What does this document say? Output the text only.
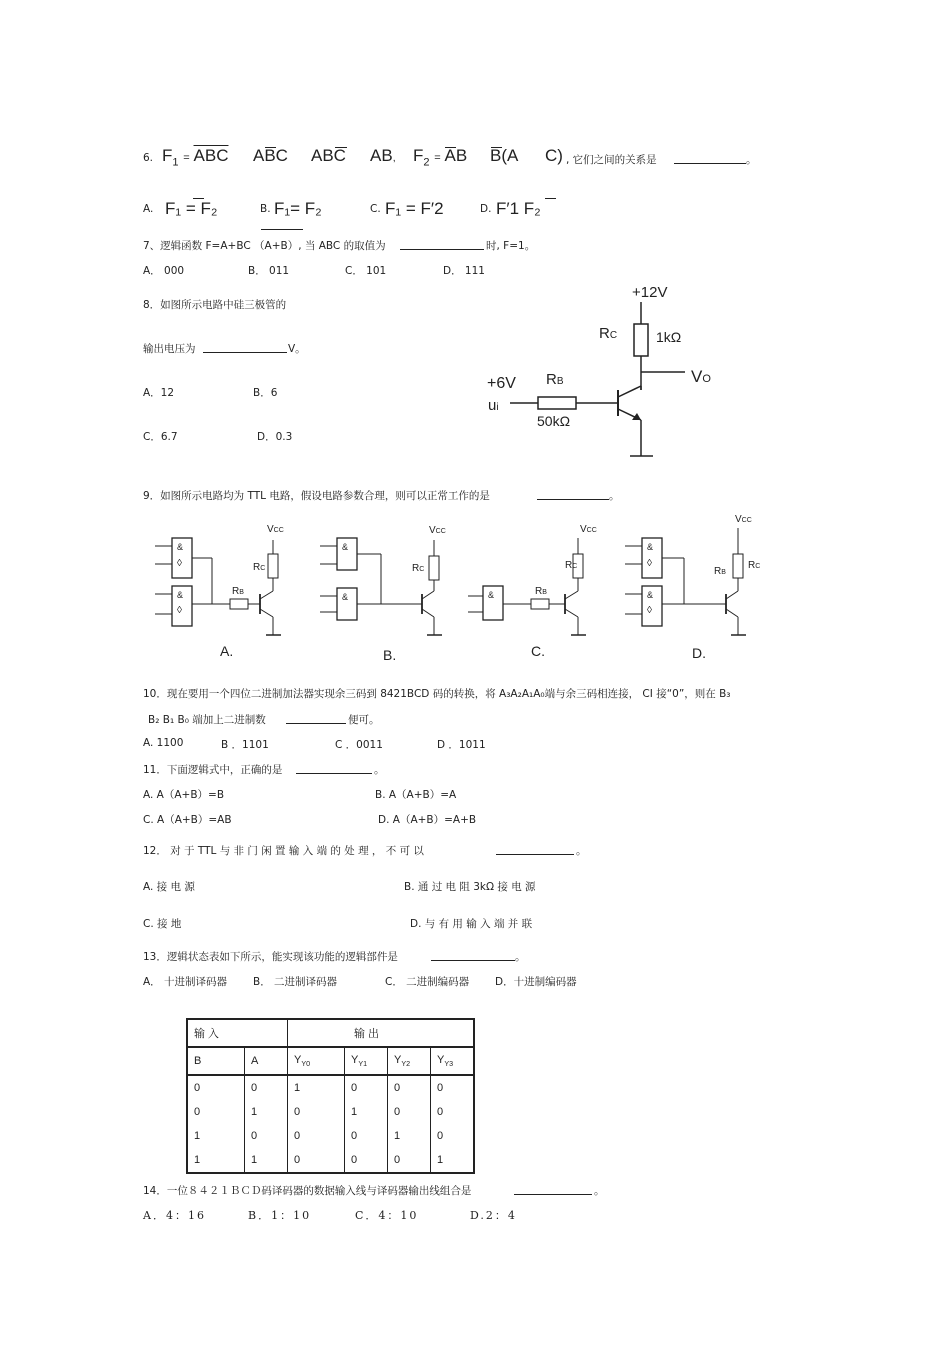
6. $F_1 = \overline{ABC}$ ABC ABC AB, $F_2$ = AB B(A C) , 它们之间的关系是	。
A. F₁ = F₂	B. F₁= F₂	C. F₁ = F′2	D. F′1 F₂
7、逻辑函数 F=A+BC （A+B）, 当 ABC 的取值为	时, F=1。
A． 000	B． 011	C． 101	D． 111
8．如图所示电路中硅三极管的
输出电压为	V。
A．12	B．6
C．6.7	D．0.3
+12V
RC	1kΩ
VO
+6V
ui
RB
50kΩ
9．如图所示电路均为 TTL 电路，假设电路参数合理，则可以正常工作的是	。
&
◊
&
◊
RB
VCC
RC
A.
&
&
VCC
RC
B.
&	RB
VCC
RC
C.
&
◊
&
◊
VCC
RC
RB
D.
10．现在要用一个四位二进制加法器实现余三码到 8421BCD 码的转换，将 A₃A₂A₁A₀端与余三码相连接， CI 接“0”，则在 B₃
B₂ B₁ B₀ 端加上二进制数	便可。
A. 1100	B ．1101	C ．0011	D ．1011
11．下面逻辑式中，正确的是	。
A. A（A+B）=B	B. A（A+B）=A
C. A（A+B）=AB	D. A（A+B）=A+B
12． 对 于 TTL 与 非 门 闲 置 输 入 端 的 处 理 ， 不 可 以	。
A. 接 电 源	B. 通 过 电 阻 3kΩ 接 电 源
C. 接 地	D. 与 有 用 输 入 端 并 联
13．逻辑状态表如下所示，能实现该功能的逻辑部件是	。
A． 十进制译码器 B． 二进制译码器	C． 二进制编码器 D．十进制编码器
输 入		输 出			
B	A	$Y_{Y0}$	$Y_{Y1}$	$Y_{Y2}$	$Y_{Y3}$
0	0	1	0	0	0
0	1	0	1	0	0
1	0	0	0	1	0
1	1	0	0	0	1
14．一位８４２１ＢＣＤ码译码器的数据输入线与译码器输出线组合是	。
A．4：16	B．1：10	C．4：10	D.2：4
